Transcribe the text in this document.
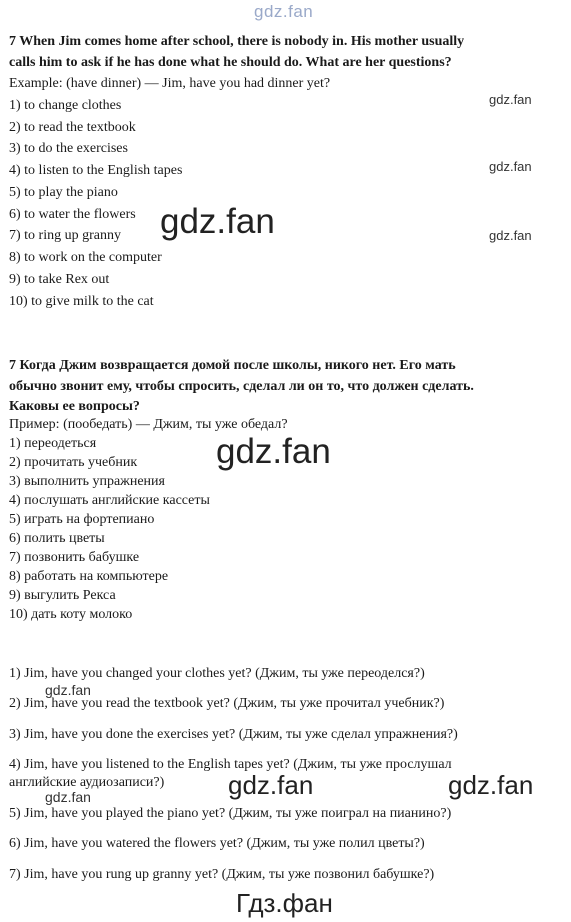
gdz.fan
7 When Jim comes home after school, there is nobody in. His mother usually
calls him to ask if he has done what he should do. What are her questions?
Example: (have dinner) — Jim, have you had dinner yet?
1) to change clothes
2) to read the textbook
3) to do the exercises
4) to listen to the English tapes
5) to play the piano
6) to water the flowers
7) to ring up granny
8) to work on the computer
9) to take Rex out
10) to give milk to the cat
7 Когда Джим возвращается домой после школы, никого нет. Его мать
обычно звонит ему, чтобы спросить, сделал ли он то, что должен сделать.
Каковы ее вопросы?
Пример: (пообедать) — Джим, ты уже обедал?
1) переодеться
2) прочитать учебник
3) выполнить упражнения
4) послушать английские кассеты
5) играть на фортепиано
6) полить цветы
7) позвонить бабушке
8) работать на компьютере
9) выгулить Рекса
10) дать коту молоко
1) Jim, have you changed your clothes yet? (Джим, ты уже переоделся?)
2) Jim, have you read the textbook yet? (Джим, ты уже прочитал учебник?)
3) Jim, have you done the exercises yet? (Джим, ты уже сделал упражнения?)
4) Jim, have you listened to the English tapes yet? (Джим, ты уже прослушал
английские аудиозаписи?)
5) Jim, have you played the piano yet? (Джим, ты уже поиграл на пианино?)
6) Jim, have you watered the flowers yet? (Джим, ты уже полил цветы?)
7) Jim, have you rung up granny yet? (Джим, ты уже позвонил бабушке?)
gdz.fan
gdz.fan
gdz.fan
gdz.fan
gdz.fan
gdz.fan
gdz.fan	gdz.fan
gdz.fan
Гдз.фан
